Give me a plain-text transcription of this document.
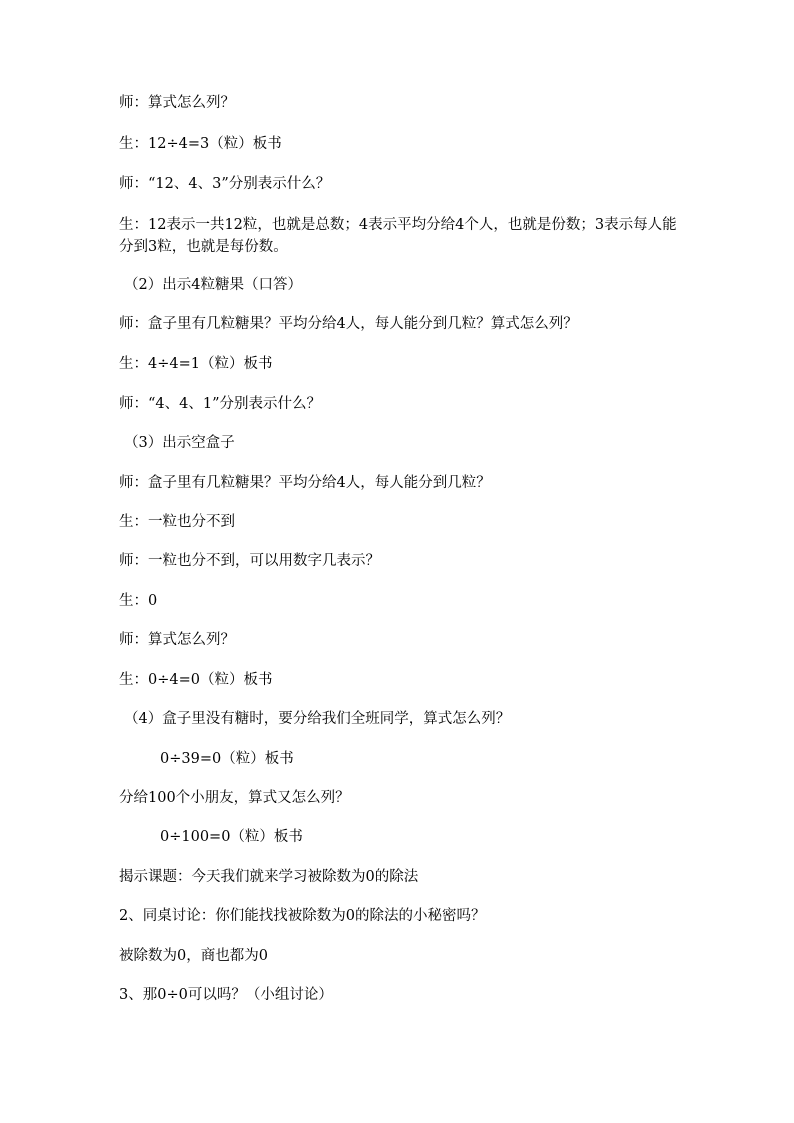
师：算式怎么列？

生：12÷4=3（粒）板书

师：“12、4、3”分别表示什么？

生：12表示一共12粒，也就是总数；4表示平均分给4个人，也就是份数；3表示每人能分到3粒，也就是每份数。

（2）出示4粒糖果（口答）

师：盒子里有几粒糖果？平均分给4人，每人能分到几粒？算式怎么列？

生：4÷4=1（粒）板书

师：“4、4、1”分别表示什么？

（3）出示空盒子

师：盒子里有几粒糖果？平均分给4人，每人能分到几粒？

生：一粒也分不到

师：一粒也分不到，可以用数字几表示？

生：0

师：算式怎么列？

生：0÷4=0（粒）板书

（4）盒子里没有糖时，要分给我们全班同学，算式怎么列？

0÷39=0（粒）板书

分给100个小朋友，算式又怎么列？

0÷100=0（粒）板书

揭示课题：今天我们就来学习被除数为0的除法

2、同桌讨论：你们能找找被除数为0的除法的小秘密吗？

被除数为0，商也都为0

3、那0÷0可以吗？（小组讨论）
